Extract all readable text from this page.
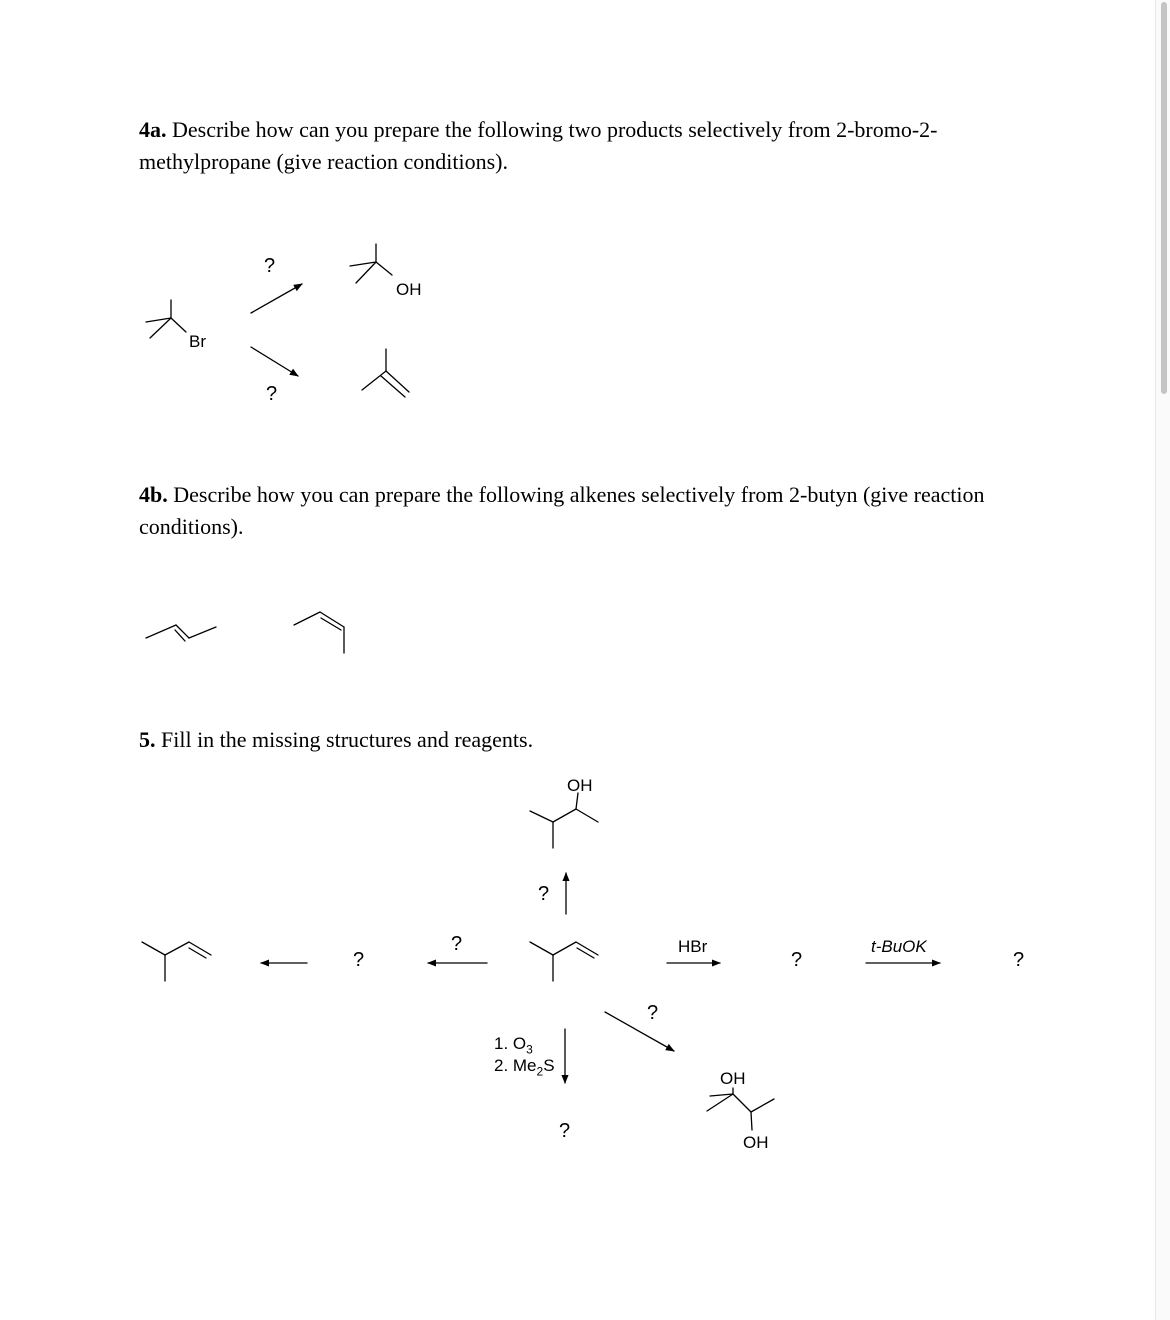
4a. Describe how can you prepare the following two products selectively from 2-bromo-2-methylpropane (give reaction conditions).
4b. Describe how you can prepare the following alkenes selectively from 2-butyn (give reaction conditions).
5. Fill in the missing structures and reagents.
Br
OH
?
?
OH
?
?
?	HBr
?
t-BuOK
?
1. $O_3$
2. $Me_2S$
?
?
OH
OH
